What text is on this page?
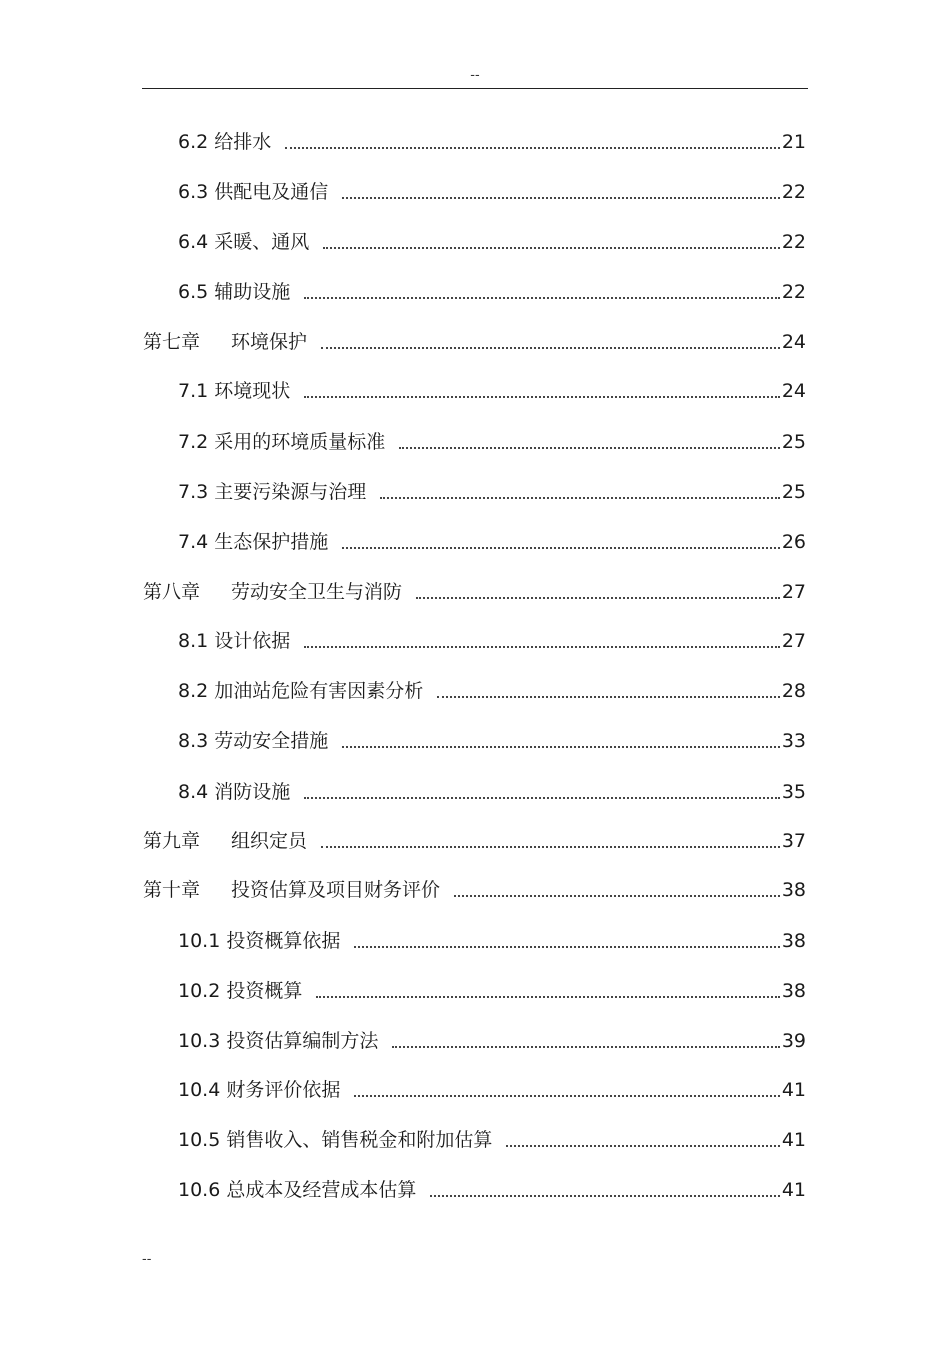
--
6.2 给排水	21
6.3 供配电及通信	22
6.4 采暖、通风	22
6.5 辅助设施	22
第七章 环境保护	24
7.1 环境现状	24
7.2 采用的环境质量标准	25
7.3 主要污染源与治理	25
7.4 生态保护措施	26
第八章 劳动安全卫生与消防	27
8.1 设计依据	27
8.2 加油站危险有害因素分析	28
8.3 劳动安全措施	33
8.4 消防设施	35
第九章 组织定员	37
第十章 投资估算及项目财务评价	38
10.1 投资概算依据	38
10.2 投资概算	38
10.3 投资估算编制方法	39
10.4 财务评价依据	41
10.5 销售收入、销售税金和附加估算	41
10.6 总成本及经营成本估算	41
--
